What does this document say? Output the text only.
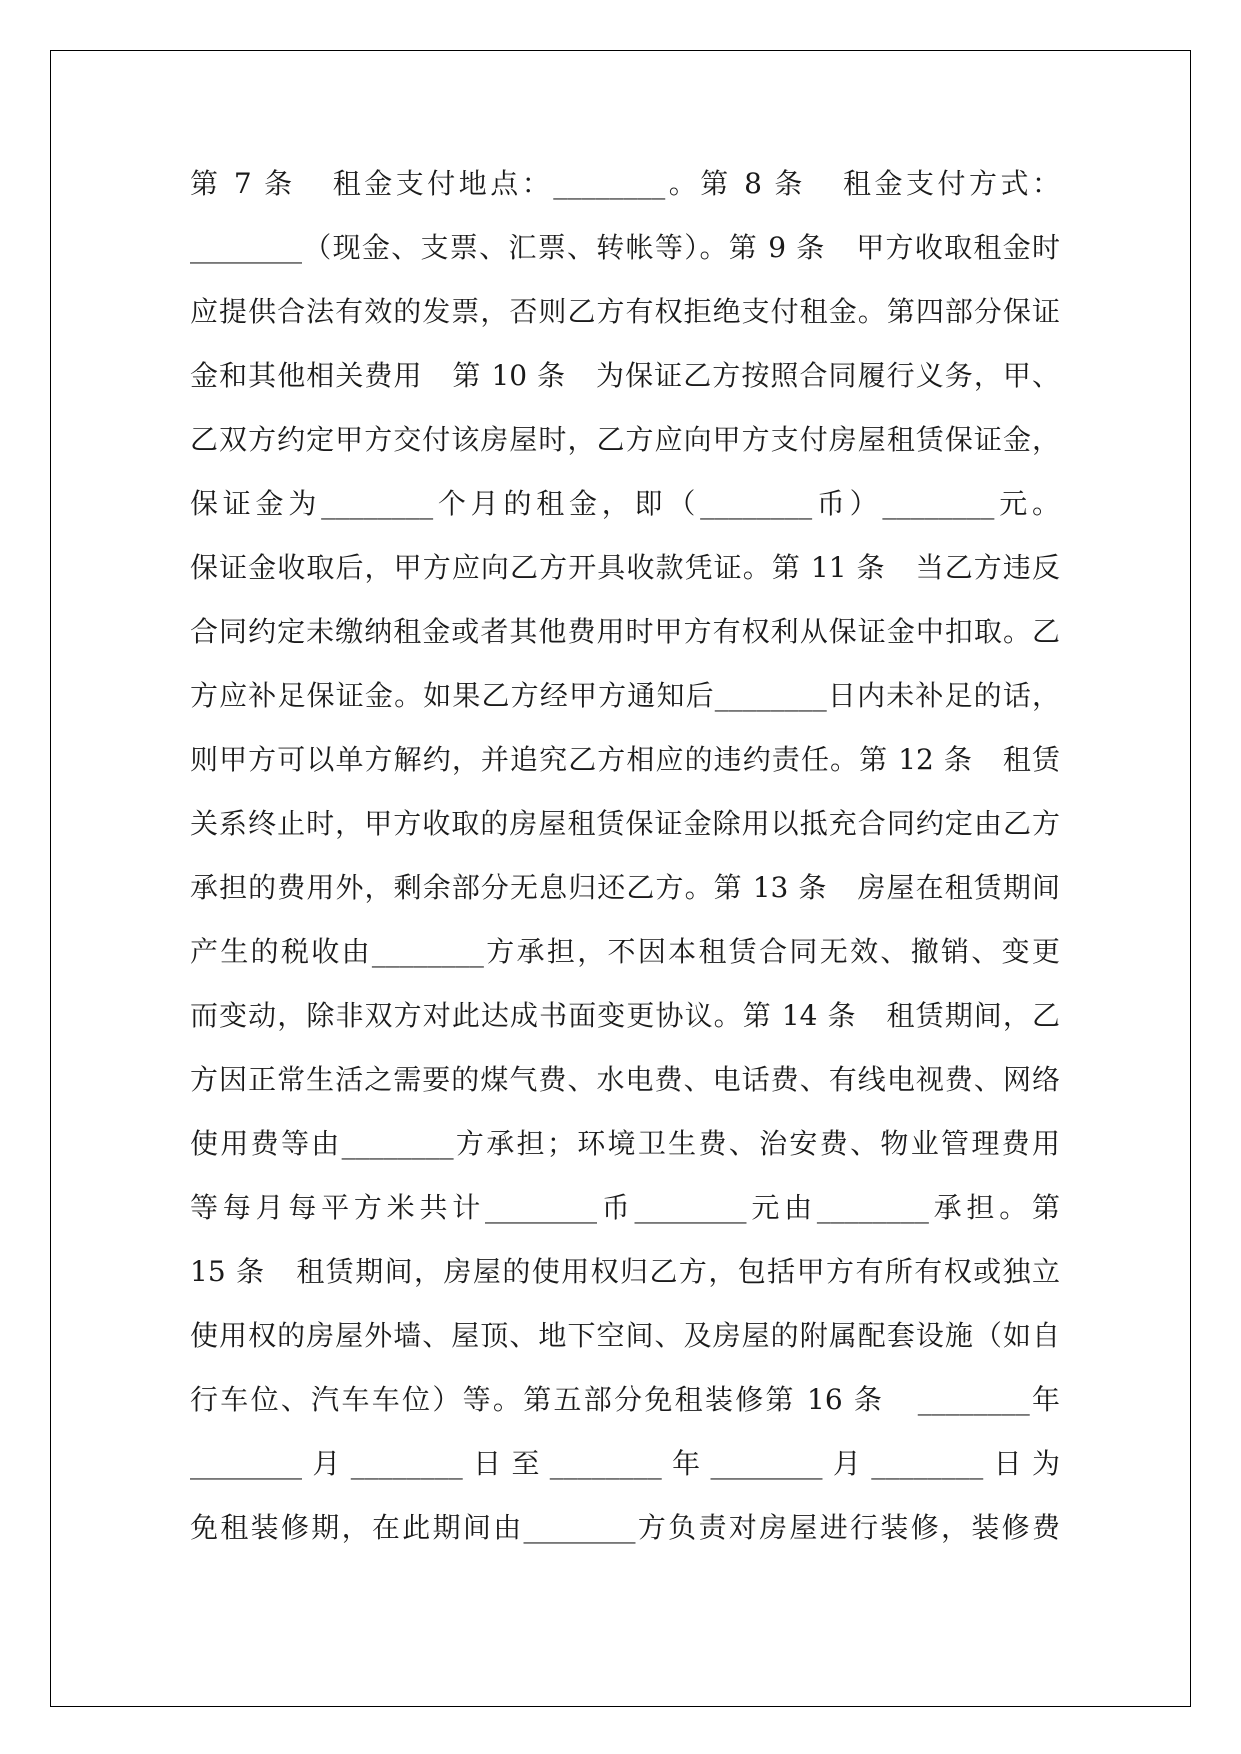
第 7 条   租金支付地点：________。第 8 条   租金支付方式：
________（现金、支票、汇票、转帐等）。第 9 条   甲方收取租金时
应提供合法有效的发票，否则乙方有权拒绝支付租金。第四部分保证
金和其他相关费用   第 10 条   为保证乙方按照合同履行义务，甲、
乙双方约定甲方交付该房屋时，乙方应向甲方支付房屋租赁保证金，
保证金为________个月的租金，即（________币）________元。
保证金收取后，甲方应向乙方开具收款凭证。第 11 条   当乙方违反
合同约定未缴纳租金或者其他费用时甲方有权利从保证金中扣取。乙
方应补足保证金。如果乙方经甲方通知后________日内未补足的话，
则甲方可以单方解约，并追究乙方相应的违约责任。第 12 条   租赁
关系终止时，甲方收取的房屋租赁保证金除用以抵充合同约定由乙方
承担的费用外，剩余部分无息归还乙方。第 13 条   房屋在租赁期间
产生的税收由________方承担，不因本租赁合同无效、撤销、变更
而变动，除非双方对此达成书面变更协议。第 14 条   租赁期间，乙
方因正常生活之需要的煤气费、水电费、电话费、有线电视费、网络
使用费等由________方承担；环境卫生费、治安费、物业管理费用
等每月每平方米共计________币________元由________承担。第
15 条   租赁期间，房屋的使用权归乙方，包括甲方有所有权或独立
使用权的房屋外墙、屋顶、地下空间、及房屋的附属配套设施（如自
行车位、汽车车位）等。第五部分免租装修第 16 条   ________年
________月________日至________年________月________日为
免租装修期，在此期间由________方负责对房屋进行装修，装修费
